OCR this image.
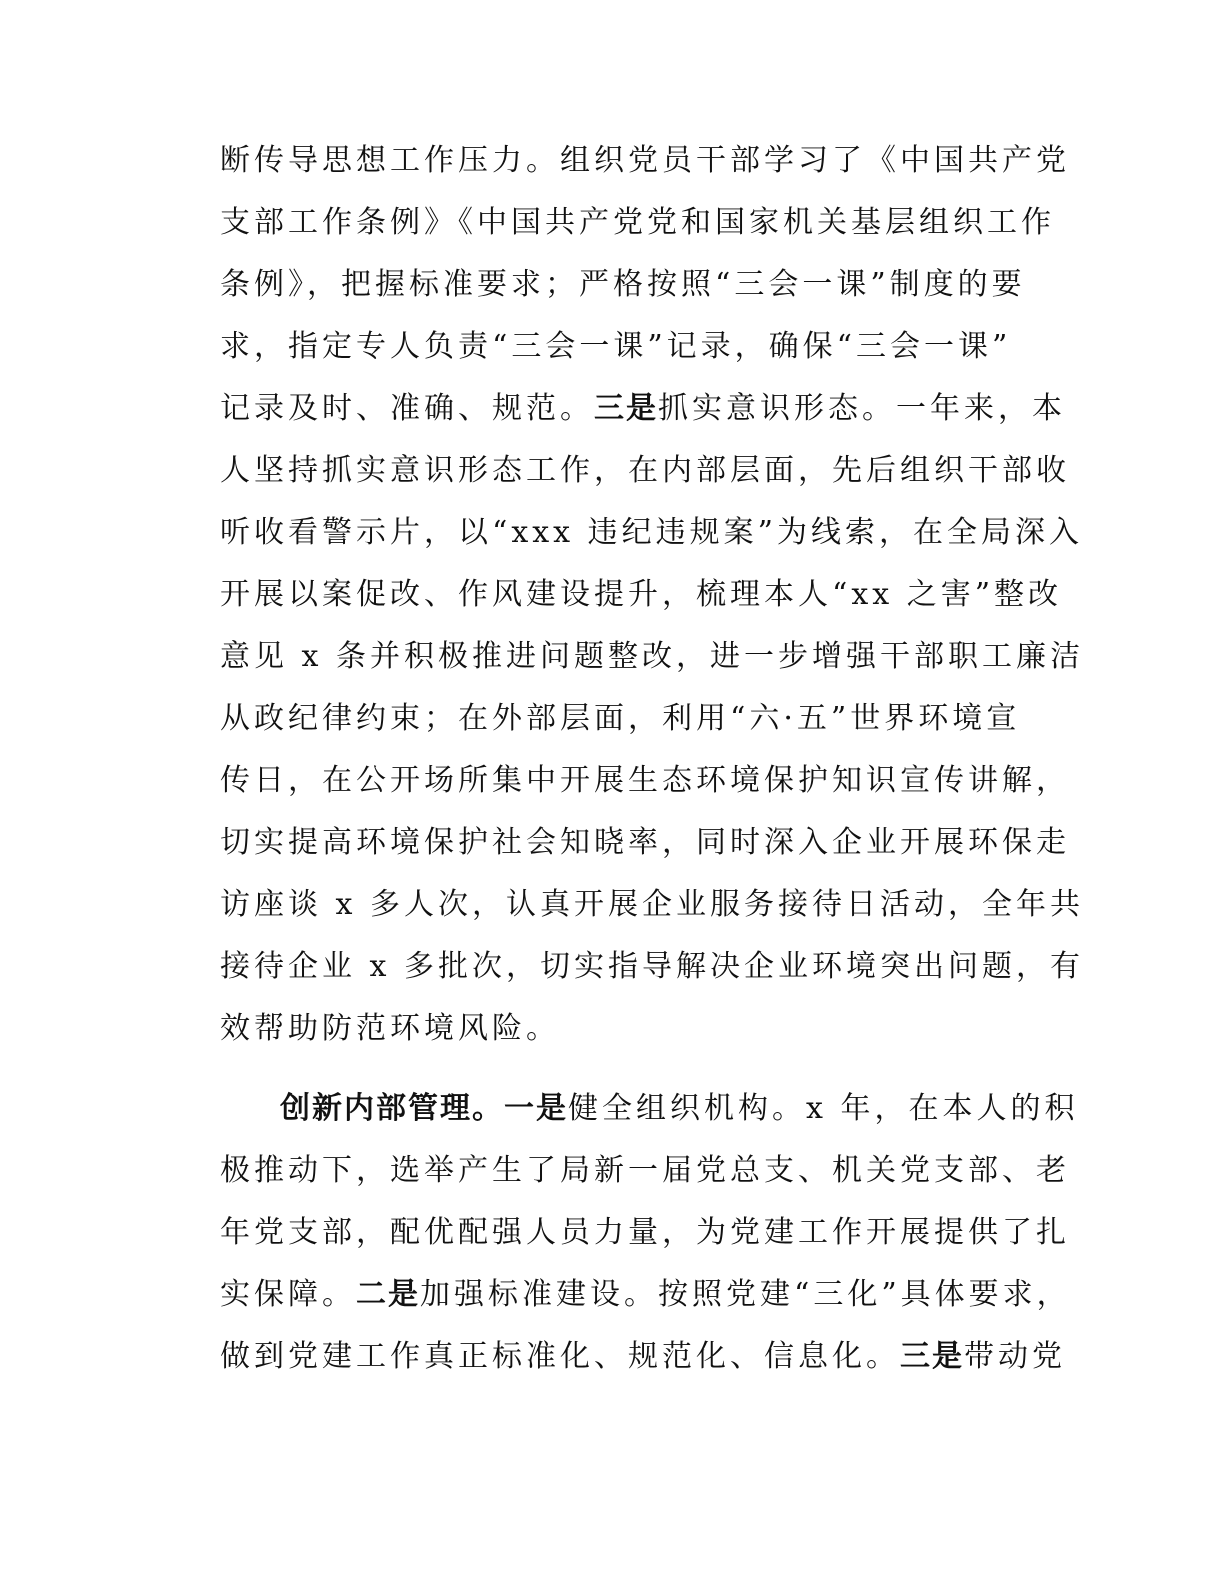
断传导思想工作压力。组织党员干部学习了《中国共产党
支部工作条例》《中国共产党党和国家机关基层组织工作
条例》，把握标准要求；严格按照“三会一课”制度的要
求，指定专人负责“三会一课”记录，确保“三会一课”
记录及时、准确、规范。三是抓实意识形态。一年来，本
人坚持抓实意识形态工作，在内部层面，先后组织干部收
听收看警示片，以“xxx 违纪违规案”为线索，在全局深入
开展以案促改、作风建设提升，梳理本人“xx 之害”整改
意见 x 条并积极推进问题整改，进一步增强干部职工廉洁
从政纪律约束；在外部层面，利用“六·五”世界环境宣
传日，在公开场所集中开展生态环境保护知识宣传讲解，
切实提高环境保护社会知晓率，同时深入企业开展环保走
访座谈 x 多人次，认真开展企业服务接待日活动，全年共
接待企业 x 多批次，切实指导解决企业环境突出问题，有
效帮助防范环境风险。
创新内部管理。一是健全组织机构。x 年，在本人的积
极推动下，选举产生了局新一届党总支、机关党支部、老
年党支部，配优配强人员力量，为党建工作开展提供了扎
实保障。二是加强标准建设。按照党建“三化”具体要求，
做到党建工作真正标准化、规范化、信息化。三是带动党
